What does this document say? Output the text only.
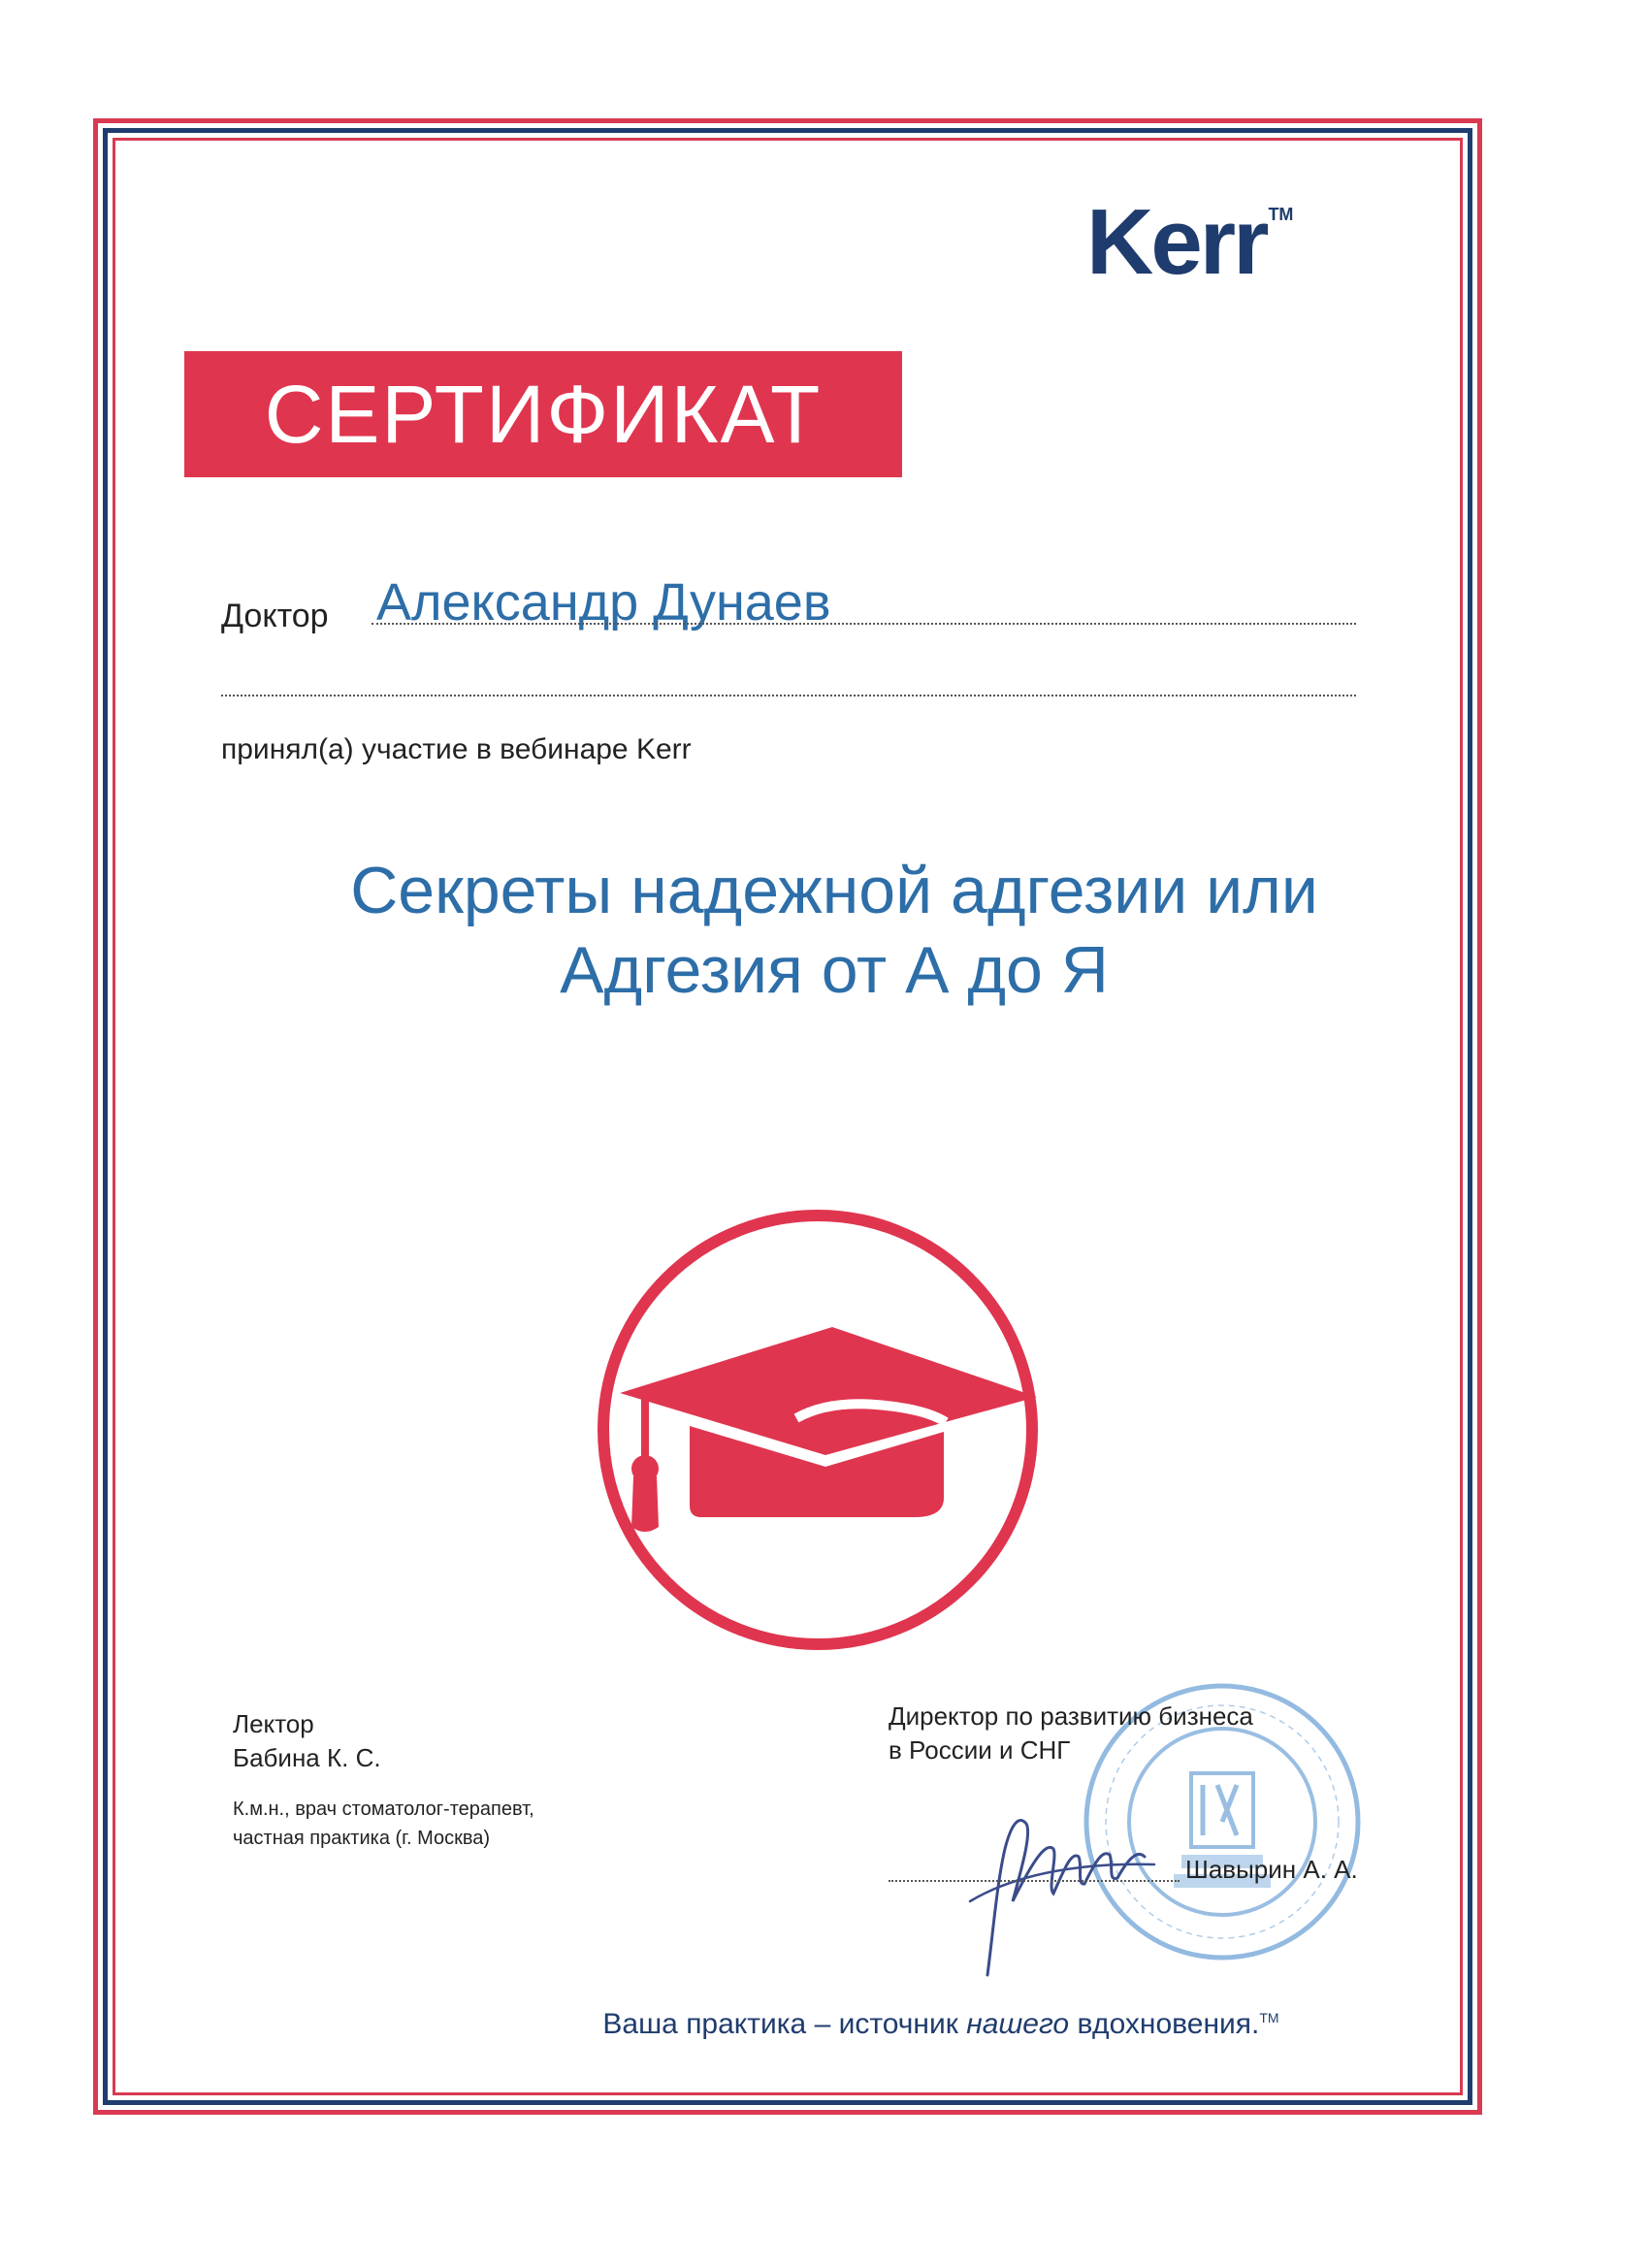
Kerr ™
СЕРТИФИКАТ
Доктор Александр Дунаев
принял(а) участие в вебинаре Kerr
Секреты надежной адгезии или
Адгезия от А до Я
Лектор
Бабина К. С.
К.м.н., врач стоматолог-терапевт,
частная практика (г. Москва)
Директор по развитию бизнеса
в России и СНГ
Шавырин А. А.
Ваша практика – источник нашего вдохновения.™
